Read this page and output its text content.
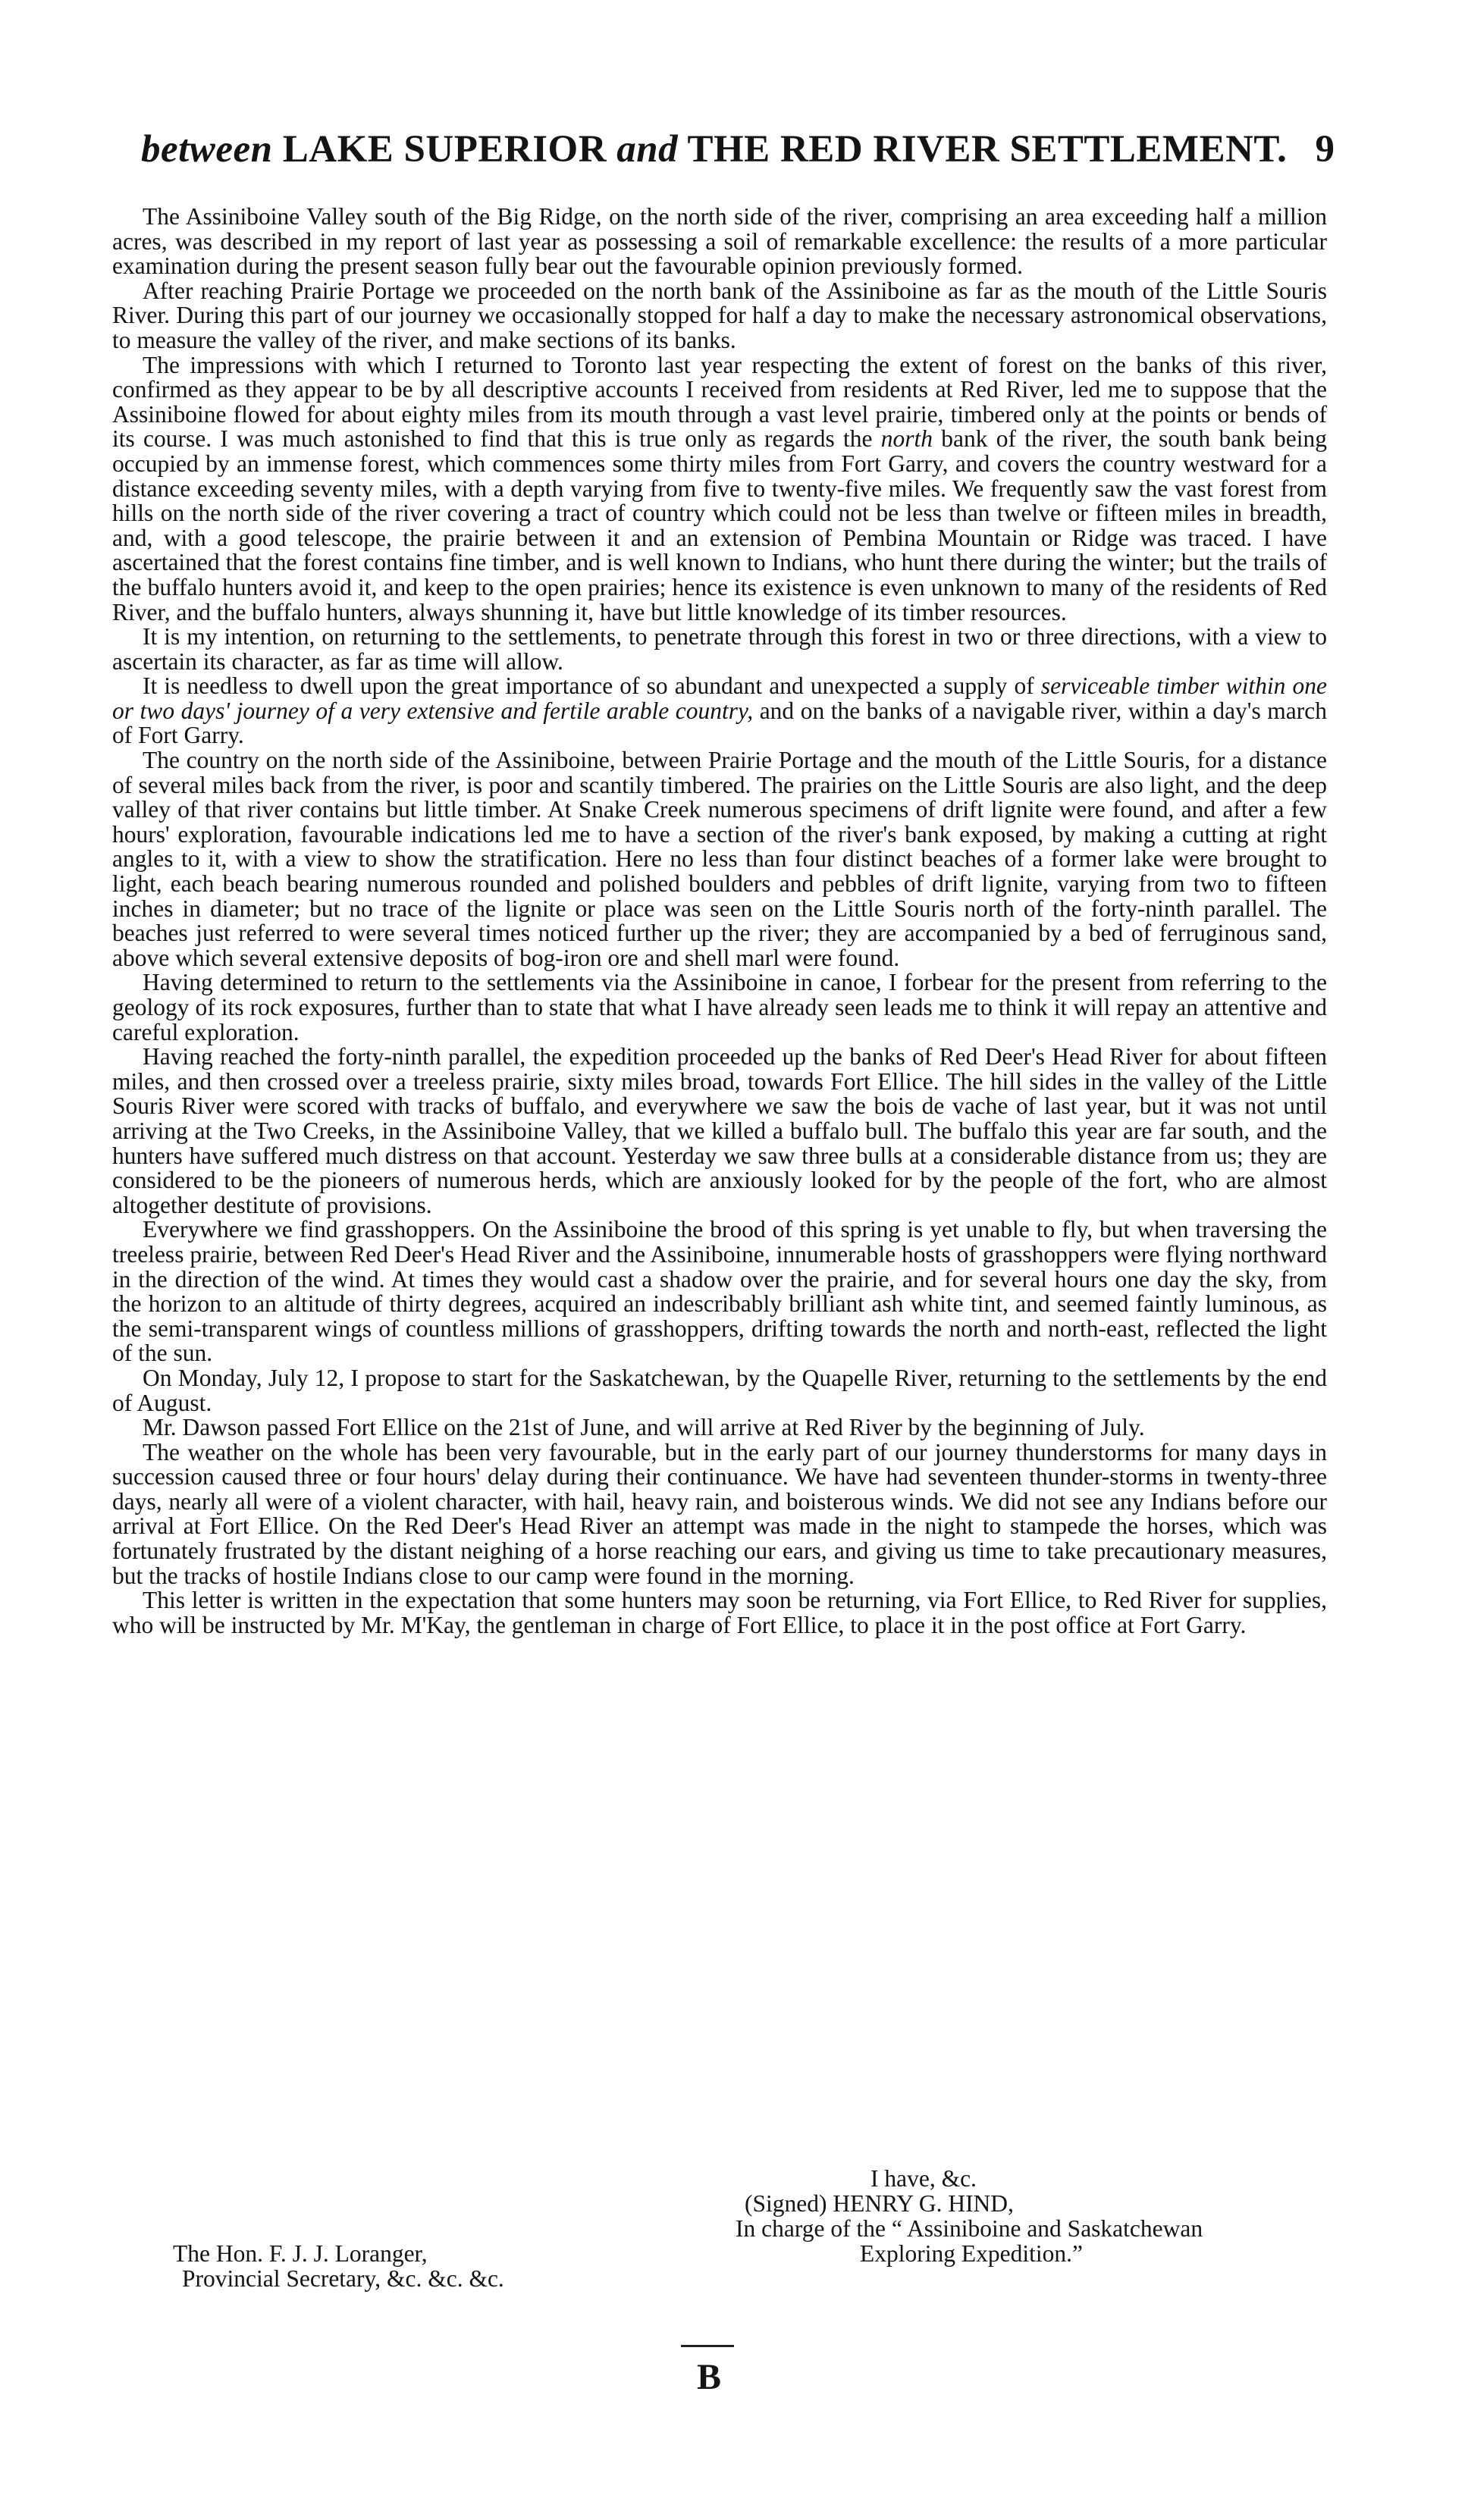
between LAKE SUPERIOR and THE RED RIVER SETTLEMENT. 9

The Assiniboine Valley south of the Big Ridge, on the north side of the river, comprising an area exceeding half a million acres, was described in my report of last year as possessing a soil of remarkable excellence: the results of a more particular examination during the present season fully bear out the favourable opinion previously formed.

After reaching Prairie Portage we proceeded on the north bank of the Assiniboine as far as the mouth of the Little Souris River. During this part of our journey we occasionally stopped for half a day to make the necessary astronomical observations, to measure the valley of the river, and make sections of its banks.

The impressions with which I returned to Toronto last year respecting the extent of forest on the banks of this river, confirmed as they appear to be by all descriptive accounts I received from residents at Red River, led me to suppose that the Assiniboine flowed for about eighty miles from its mouth through a vast level prairie, timbered only at the points or bends of its course. I was much astonished to find that this is true only as regards the north bank of the river, the south bank being occupied by an immense forest, which commences some thirty miles from Fort Garry, and covers the country westward for a distance exceeding seventy miles, with a depth varying from five to twenty-five miles. We frequently saw the vast forest from hills on the north side of the river covering a tract of country which could not be less than twelve or fifteen miles in breadth, and, with a good telescope, the prairie between it and an extension of Pembina Mountain or Ridge was traced. I have ascertained that the forest contains fine timber, and is well known to Indians, who hunt there during the winter; but the trails of the buffalo hunters avoid it, and keep to the open prairies; hence its existence is even unknown to many of the residents of Red River, and the buffalo hunters, always shunning it, have but little knowledge of its timber resources.

It is my intention, on returning to the settlements, to penetrate through this forest in two or three directions, with a view to ascertain its character, as far as time will allow.

It is needless to dwell upon the great importance of so abundant and unexpected a supply of serviceable timber within one or two days' journey of a very extensive and fertile arable country, and on the banks of a navigable river, within a day's march of Fort Garry.

The country on the north side of the Assiniboine, between Prairie Portage and the mouth of the Little Souris, for a distance of several miles back from the river, is poor and scantily timbered. The prairies on the Little Souris are also light, and the deep valley of that river contains but little timber. At Snake Creek numerous specimens of drift lignite were found, and after a few hours' exploration, favourable indications led me to have a section of the river's bank exposed, by making a cutting at right angles to it, with a view to show the stratification. Here no less than four distinct beaches of a former lake were brought to light, each beach bearing numerous rounded and polished boulders and pebbles of drift lignite, varying from two to fifteen inches in diameter; but no trace of the lignite or place was seen on the Little Souris north of the forty-ninth parallel. The beaches just referred to were several times noticed further up the river; they are accompanied by a bed of ferruginous sand, above which several extensive deposits of bog-iron ore and shell marl were found.

Having determined to return to the settlements via the Assiniboine in canoe, I forbear for the present from referring to the geology of its rock exposures, further than to state that what I have already seen leads me to think it will repay an attentive and careful exploration.

Having reached the forty-ninth parallel, the expedition proceeded up the banks of Red Deer's Head River for about fifteen miles, and then crossed over a treeless prairie, sixty miles broad, towards Fort Ellice. The hill sides in the valley of the Little Souris River were scored with tracks of buffalo, and everywhere we saw the bois de vache of last year, but it was not until arriving at the Two Creeks, in the Assiniboine Valley, that we killed a buffalo bull. The buffalo this year are far south, and the hunters have suffered much distress on that account. Yesterday we saw three bulls at a considerable distance from us; they are considered to be the pioneers of numerous herds, which are anxiously looked for by the people of the fort, who are almost altogether destitute of provisions.

Everywhere we find grasshoppers. On the Assiniboine the brood of this spring is yet unable to fly, but when traversing the treeless prairie, between Red Deer's Head River and the Assiniboine, innumerable hosts of grasshoppers were flying northward in the direction of the wind. At times they would cast a shadow over the prairie, and for several hours one day the sky, from the horizon to an altitude of thirty degrees, acquired an indescribably brilliant ash white tint, and seemed faintly luminous, as the semi-transparent wings of countless millions of grasshoppers, drifting towards the north and north-east, reflected the light of the sun.

On Monday, July 12, I propose to start for the Saskatchewan, by the Quapelle River, returning to the settlements by the end of August.

Mr. Dawson passed Fort Ellice on the 21st of June, and will arrive at Red River by the beginning of July.

The weather on the whole has been very favourable, but in the early part of our journey thunderstorms for many days in succession caused three or four hours' delay during their continuance. We have had seventeen thunder-storms in twenty-three days, nearly all were of a violent character, with hail, heavy rain, and boisterous winds. We did not see any Indians before our arrival at Fort Ellice. On the Red Deer's Head River an attempt was made in the night to stampede the horses, which was fortunately frustrated by the distant neighing of a horse reaching our ears, and giving us time to take precautionary measures, but the tracks of hostile Indians close to our camp were found in the morning.

This letter is written in the expectation that some hunters may soon be returning, via Fort Ellice, to Red River for supplies, who will be instructed by Mr. M'Kay, the gentleman in charge of Fort Ellice, to place it in the post office at Fort Garry.

I have, &c.
(Signed) HENRY G. HIND,
In charge of the “ Assiniboine and Saskatchewan
Exploring Expedition.”
The Hon. F. J. J. Loranger,
Provincial Secretary, &c. &c. &c.
B
